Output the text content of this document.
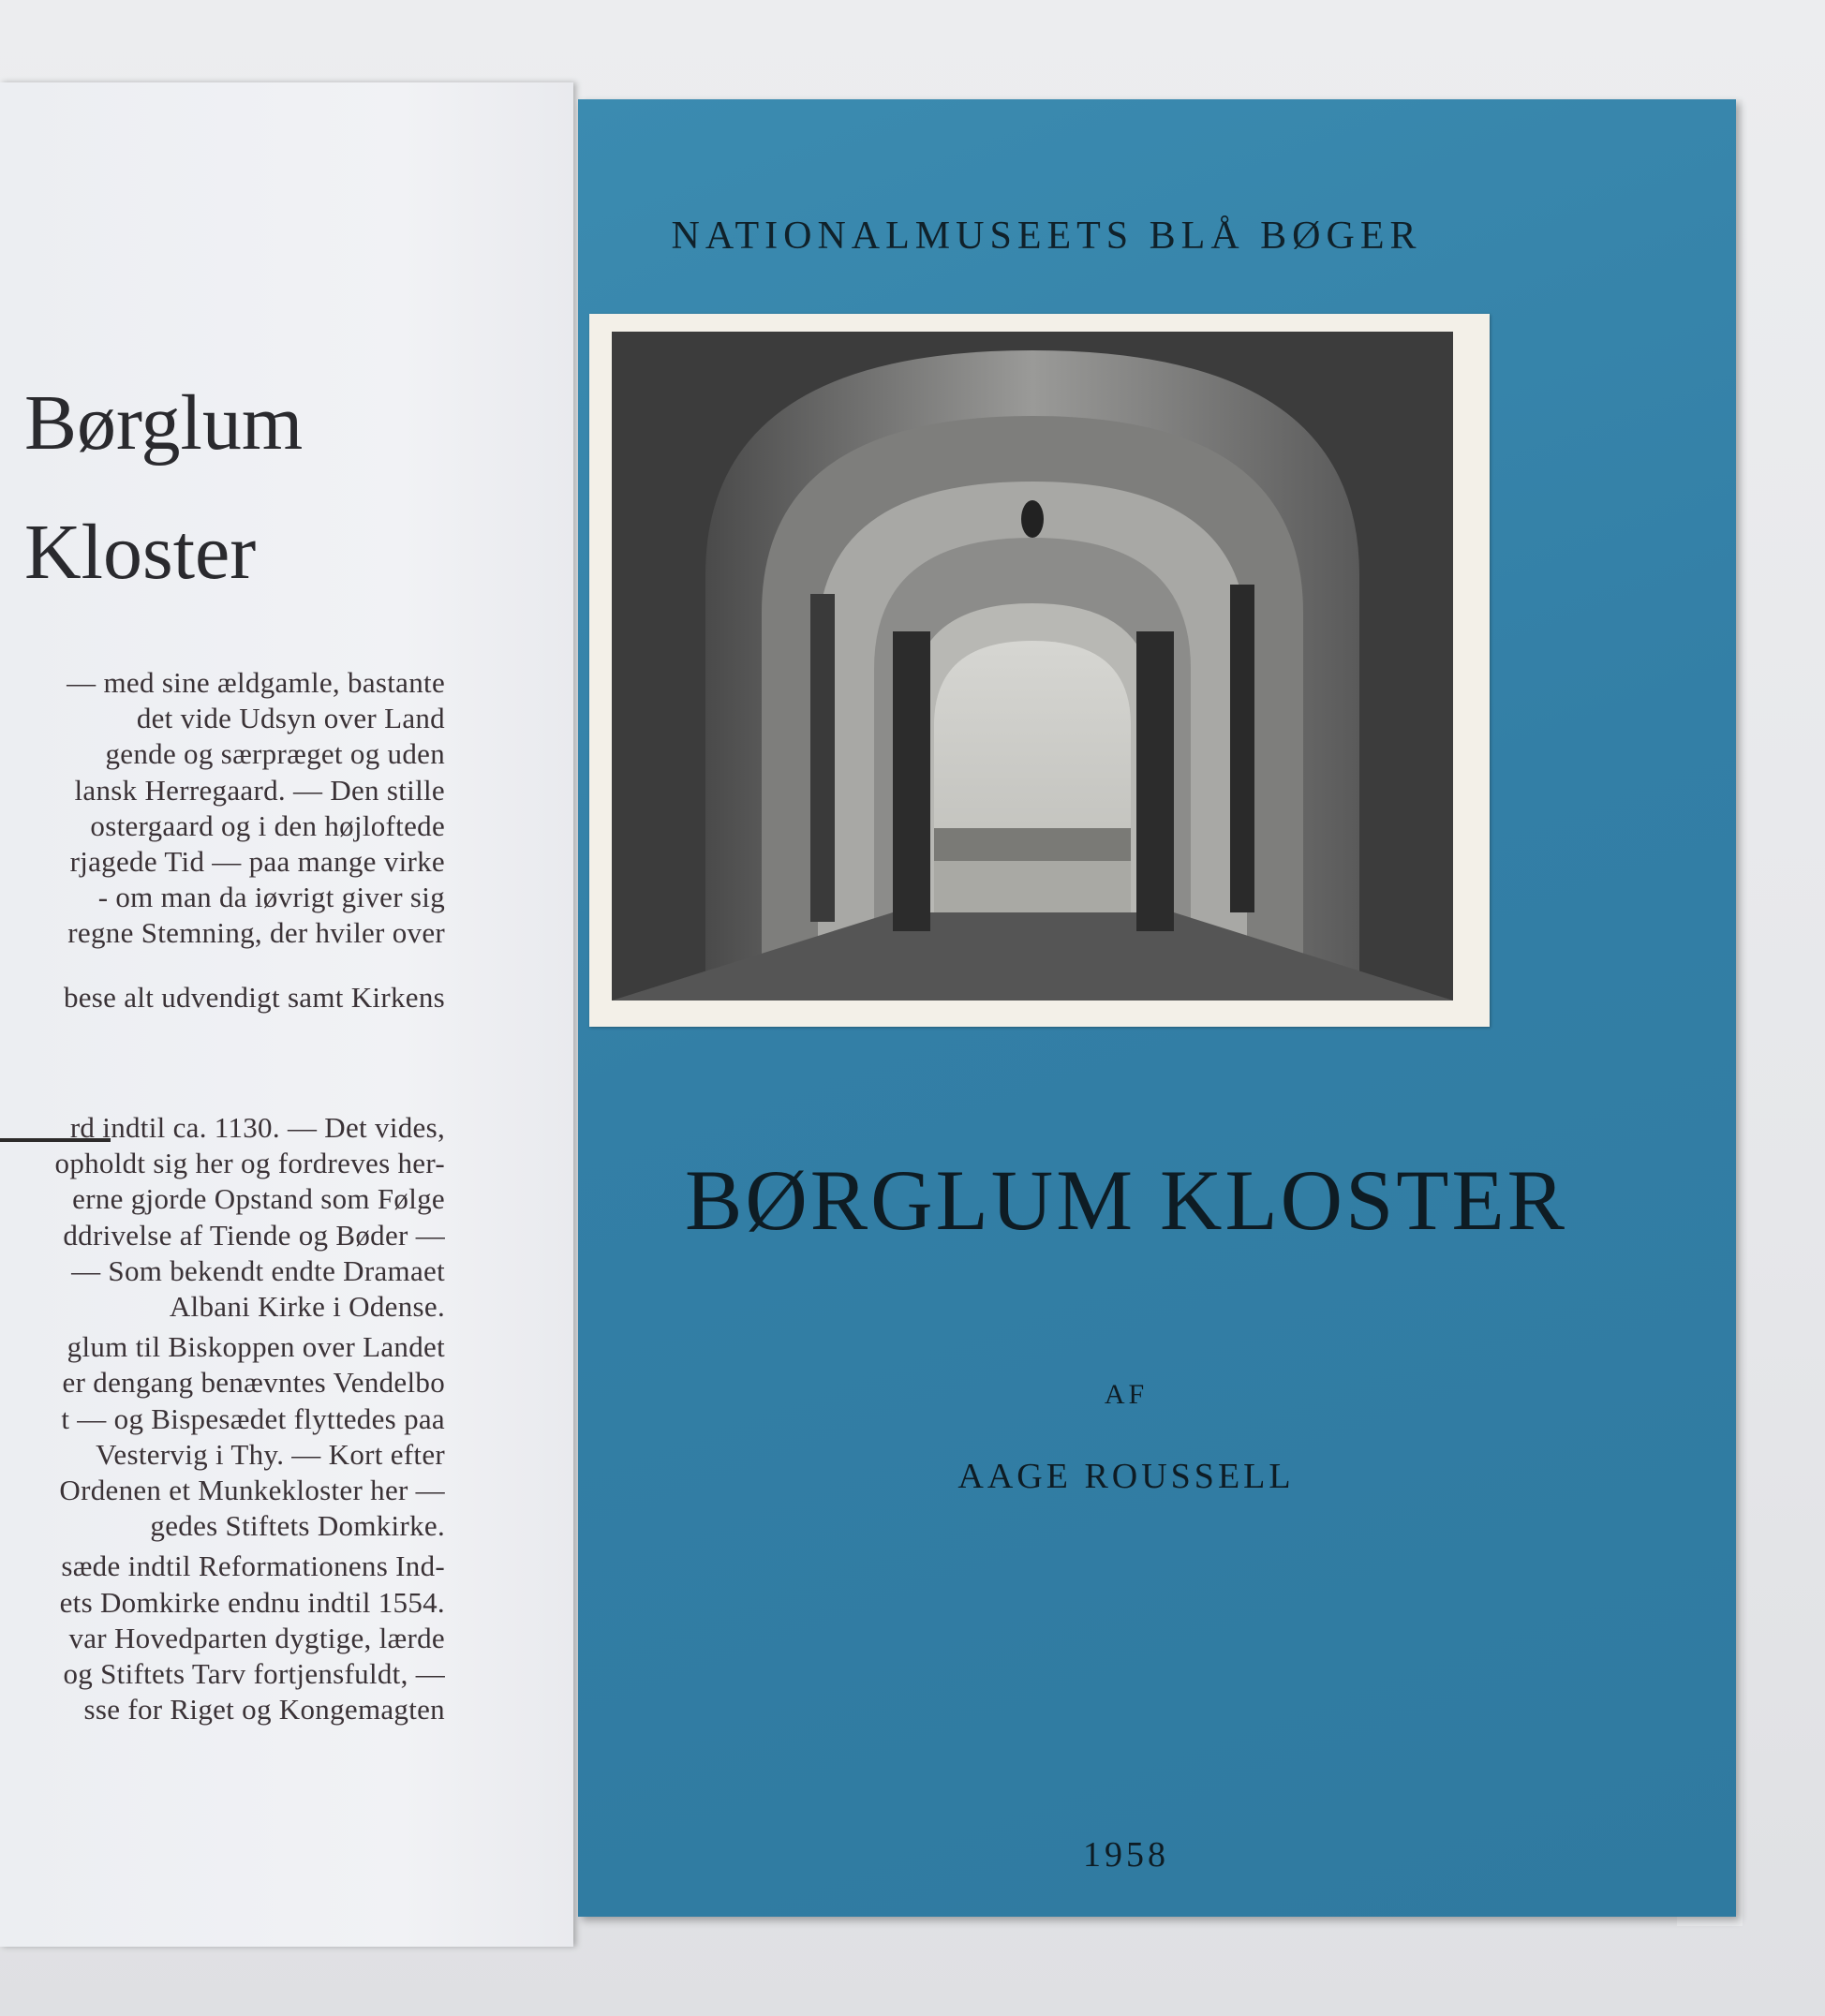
Børglum
Kloster
— med sine ældgamle, bastante
det vide Udsyn over Land
gende og særpræget og uden
lansk Herregaard. — Den stille
ostergaard og i den højloftede
rjagede Tid — paa mange virke
- om man da iøvrigt giver sig
regne Stemning, der hviler over
bese alt udvendigt samt Kirkens
rd indtil ca. 1130. — Det vides,
opholdt sig her og fordreves her-
erne gjorde Opstand som Følge
ddrivelse af Tiende og Bøder —
— Som bekendt endte Dramaet
Albani Kirke i Odense.
glum til Biskoppen over Landet
er dengang benævntes Vendelbo
t — og Bispesædet flyttedes paa
Vestervig i Thy. — Kort efter
Ordenen et Munkekloster her —
gedes Stiftets Domkirke.
sæde indtil Reformationens Ind-
ets Domkirke endnu indtil 1554.
var Hovedparten dygtige, lærde
og Stiftets Tarv fortjensfuldt, —
sse for Riget og Kongemagten
NATIONALMUSEETS BLÅ BØGER
BØRGLUM KLOSTER
AF
AAGE ROUSSELL
1958
